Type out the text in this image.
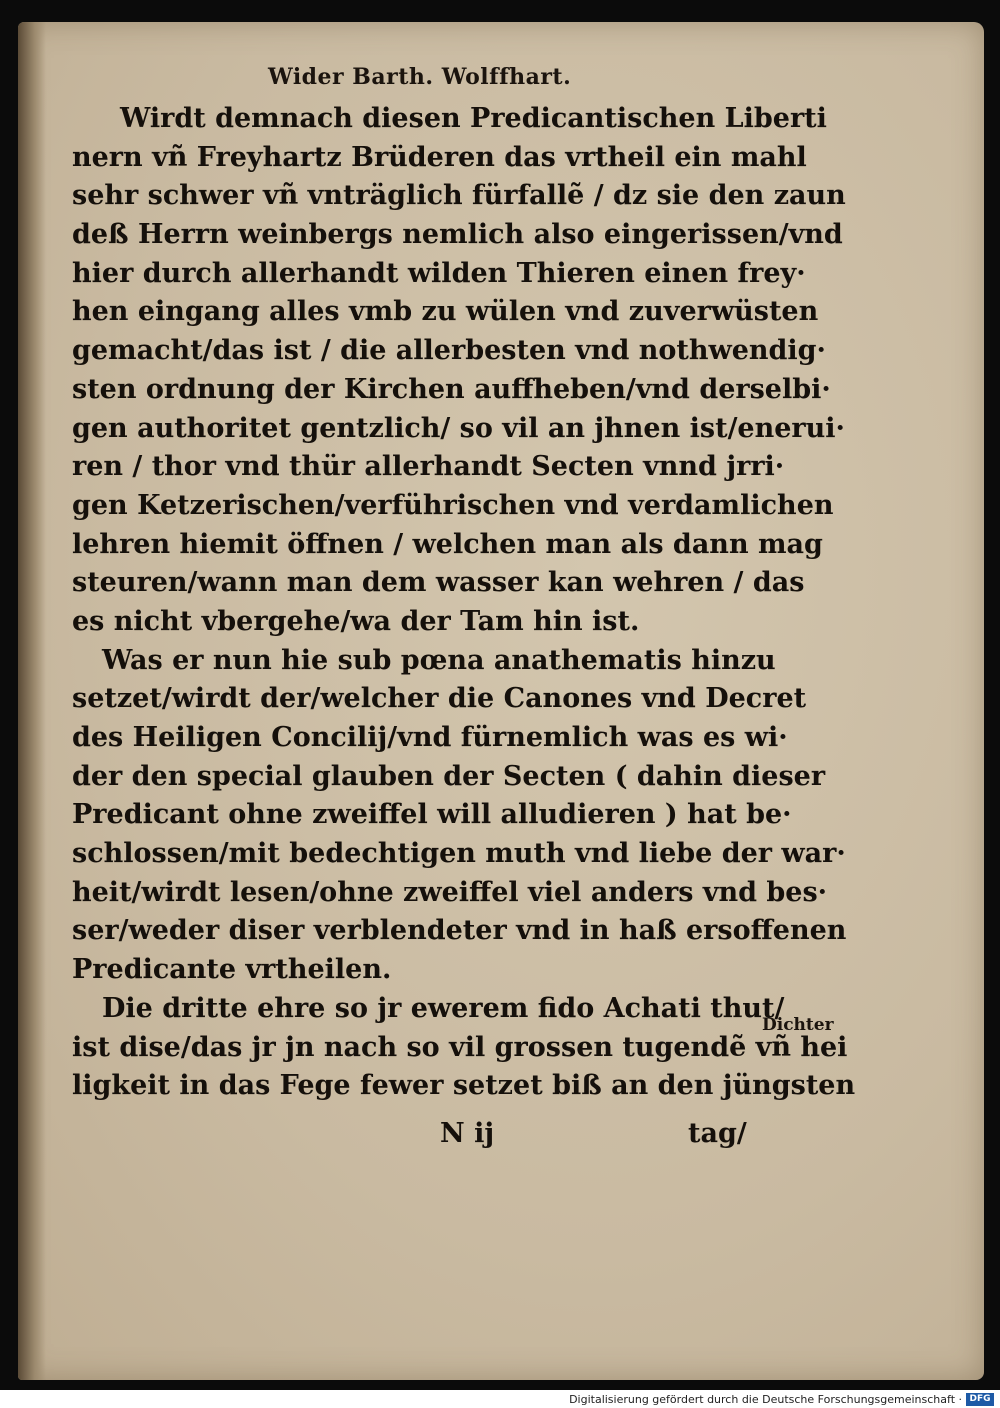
Wider Barth. Wolffhart.
Wirdt demnach diesen Predicantischen Liberti
nern vñ Freyhartz Brüderen das vrtheil ein mahl
sehr schwer vñ vnträglich fürfallẽ / dz sie den zaun
deß Herrn weinbergs nemlich also eingerissen/vnd
hier durch allerhandt wilden Thieren einen frey·
hen eingang alles vmb zu wülen vnd zuverwüsten
gemacht/das ist / die allerbesten vnd nothwendig·
sten ordnung der Kirchen auffheben/vnd derselbi·
gen authoritet gentzlich/ so vil an jhnen ist/enerui·
ren / thor vnd thür allerhandt Secten vnnd jrri·
gen Ketzerischen/verführischen vnd verdamlichen
lehren hiemit öffnen / welchen man als dann mag
steuren/wann man dem wasser kan wehren / das
es nicht vbergehe/wa der Tam hin ist.
Was er nun hie sub pœna anathematis hinzu
setzet/wirdt der/welcher die Canones vnd Decret
des Heiligen Concilij/vnd fürnemlich was es wi·
der den special glauben der Secten ( dahin dieser
Predicant ohne zweiffel will alludieren ) hat be·
schlossen/mit bedechtigen muth vnd liebe der war·
heit/wirdt lesen/ohne zweiffel viel anders vnd bes·
ser/weder diser verblendeter vnd in haß ersoffenen
Predicante vrtheilen.
Die dritte ehre so jr ewerem fido Achati thut/
ist dise/das jr jn nach so vil grossen tugendẽ vñ hei
ligkeit in das Fege fewer setzet biß an den jüngsten
Dichter
N ij	tag/
Digitalisierung gefördert durch die Deutsche Forschungsgemeinschaft · DFG
